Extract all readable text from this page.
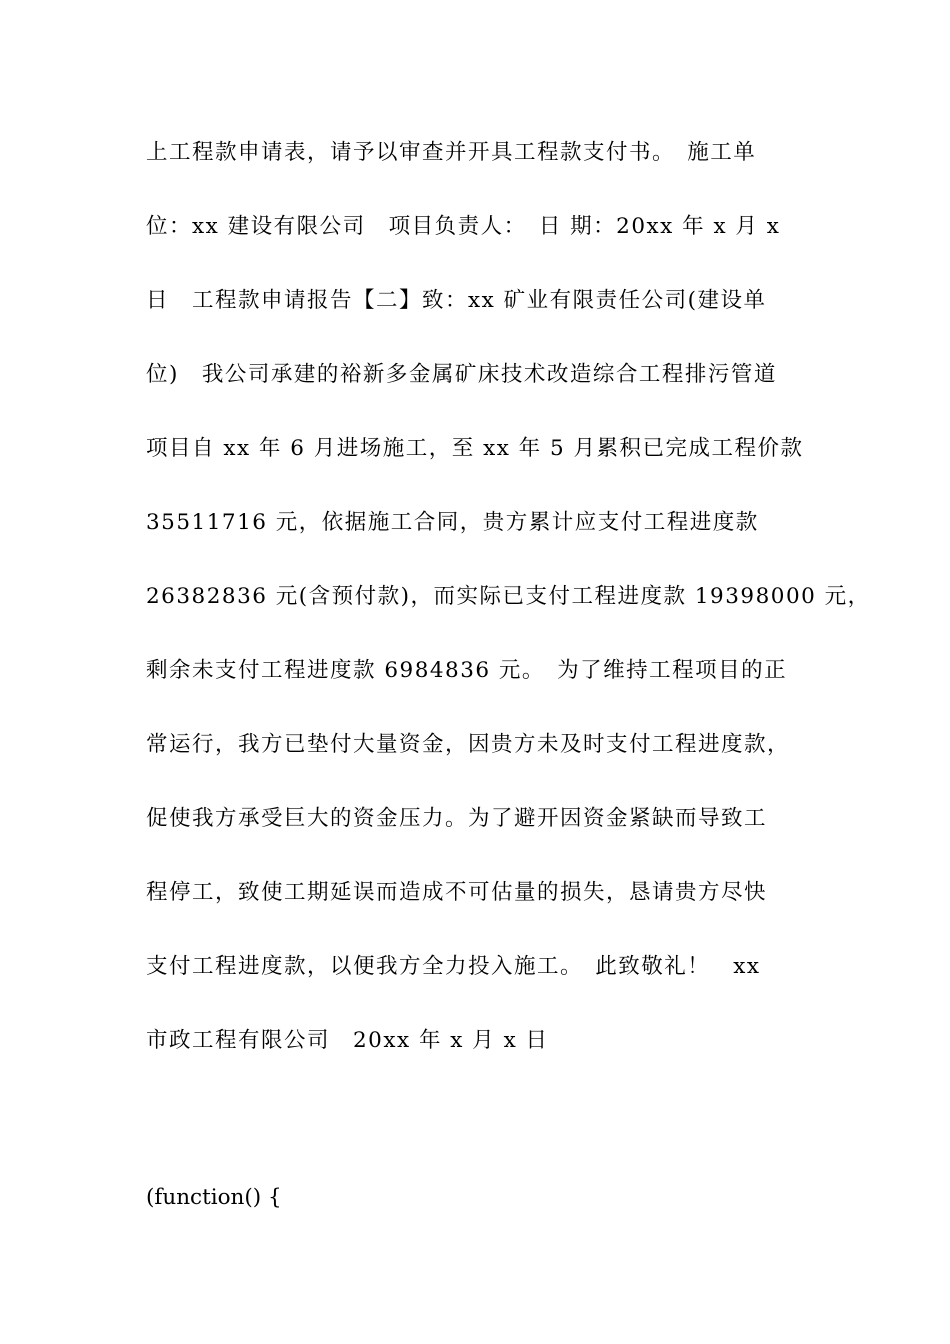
上工程款申请表，请予以审查并开具工程款支付书。　施工单
位：xx 建设有限公司　项目负责人：　日 期：20xx 年 x 月 x
日　工程款申请报告【二】致：xx 矿业有限责任公司(建设单
位)　我公司承建的裕新多金属矿床技术改造综合工程排污管道
项目自 xx 年 6 月进场施工，至 xx 年 5 月累积已完成工程价款
35511716 元，依据施工合同，贵方累计应支付工程进度款
26382836 元(含预付款)，而实际已支付工程进度款 19398000 元，
剩余未支付工程进度款 6984836 元。　为了维持工程项目的正
常运行，我方已垫付大量资金，因贵方未及时支付工程进度款，
促使我方承受巨大的资金压力。为了避开因资金紧缺而导致工
程停工，致使工期延误而造成不可估量的损失，恳请贵方尽快
支付工程进度款，以便我方全力投入施工。　此致敬礼！　xx
市政工程有限公司　20xx 年 x 月 x 日
(function() {
